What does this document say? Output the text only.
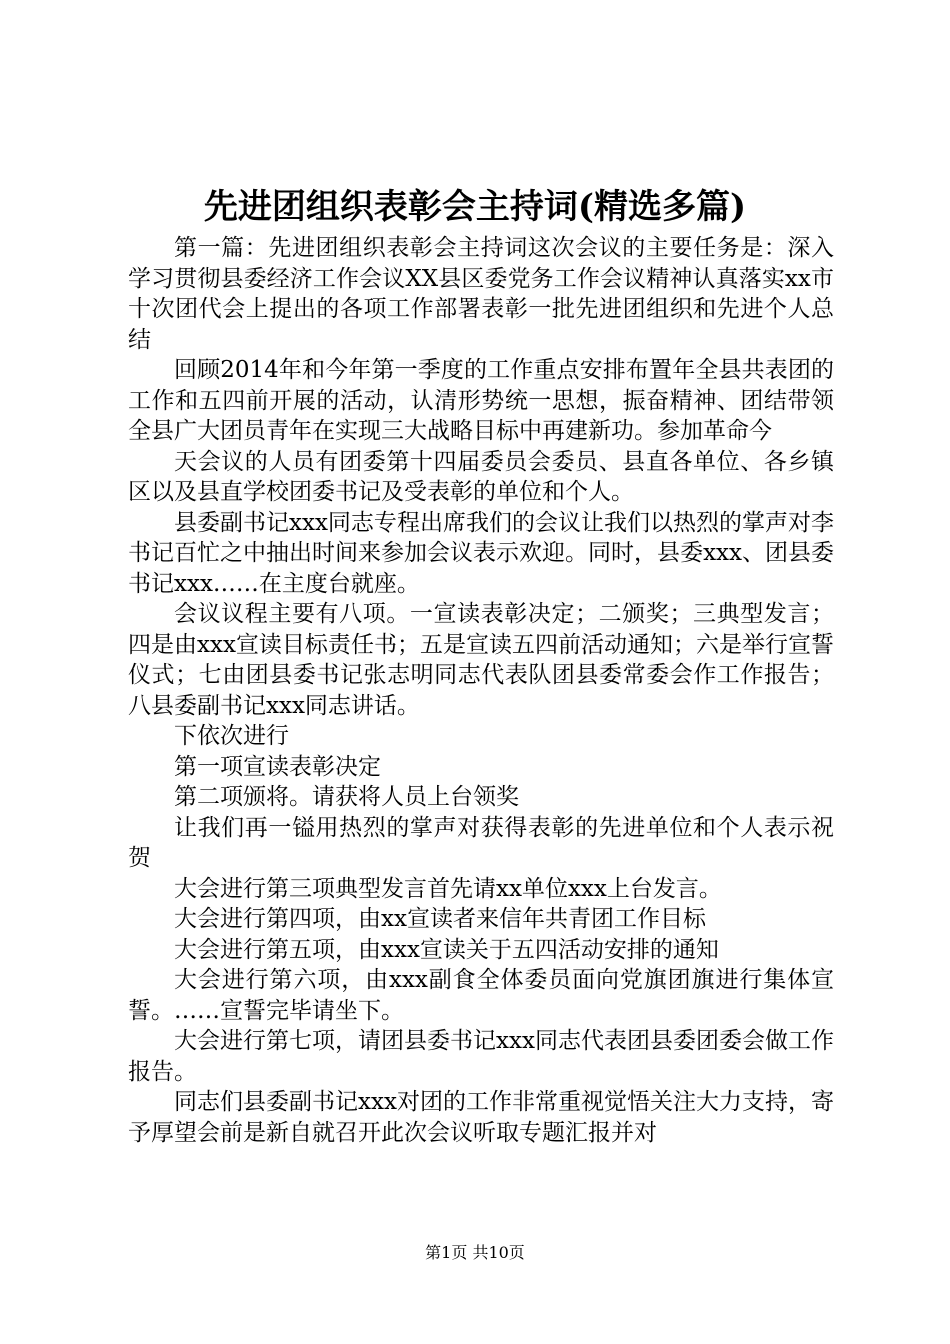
先进团组织表彰会主持词(精选多篇)

第一篇：先进团组织表彰会主持词这次会议的主要任务是：深入学习贯彻县委经济工作会议XX县区委党务工作会议精神认真落实xx市十次团代会上提出的各项工作部署表彰一批先进团组织和先进个人总结

回顾2014年和今年第一季度的工作重点安排布置年全县共表团的工作和五四前开展的活动，认清形势统一思想，振奋精神、团结带领全县广大团员青年在实现三大战略目标中再建新功。参加革命今

天会议的人员有团委第十四届委员会委员、县直各单位、各乡镇区以及县直学校团委书记及受表彰的单位和个人。

县委副书记xxx同志专程出席我们的会议让我们以热烈的掌声对李书记百忙之中抽出时间来参加会议表示欢迎。同时，县委xxx、团县委书记xxx……在主度台就座。

会议议程主要有八项。一宣读表彰决定；二颁奖；三典型发言；四是由xxx宣读目标责任书；五是宣读五四前活动通知；六是举行宣誓仪式；七由团县委书记张志明同志代表队团县委常委会作工作报告；八县委副书记xxx同志讲话。

下依次进行

第一项宣读表彰决定

第二项颁将。请获将人员上台领奖

让我们再一镒用热烈的掌声对获得表彰的先进单位和个人表示祝贺

大会进行第三项典型发言首先请xx单位xxx上台发言。

大会进行第四项，由xx宣读者来信年共青团工作目标

大会进行第五项，由xxx宣读关于五四活动安排的通知

大会进行第六项，由xxx副食全体委员面向党旗团旗进行集体宣誓。……宣誓完毕请坐下。

大会进行第七项，请团县委书记xxx同志代表团县委团委会做工作报告。

同志们县委副书记xxx对团的工作非常重视觉悟关注大力支持，寄予厚望会前是新自就召开此次会议听取专题汇报并对

第1页 共10页
